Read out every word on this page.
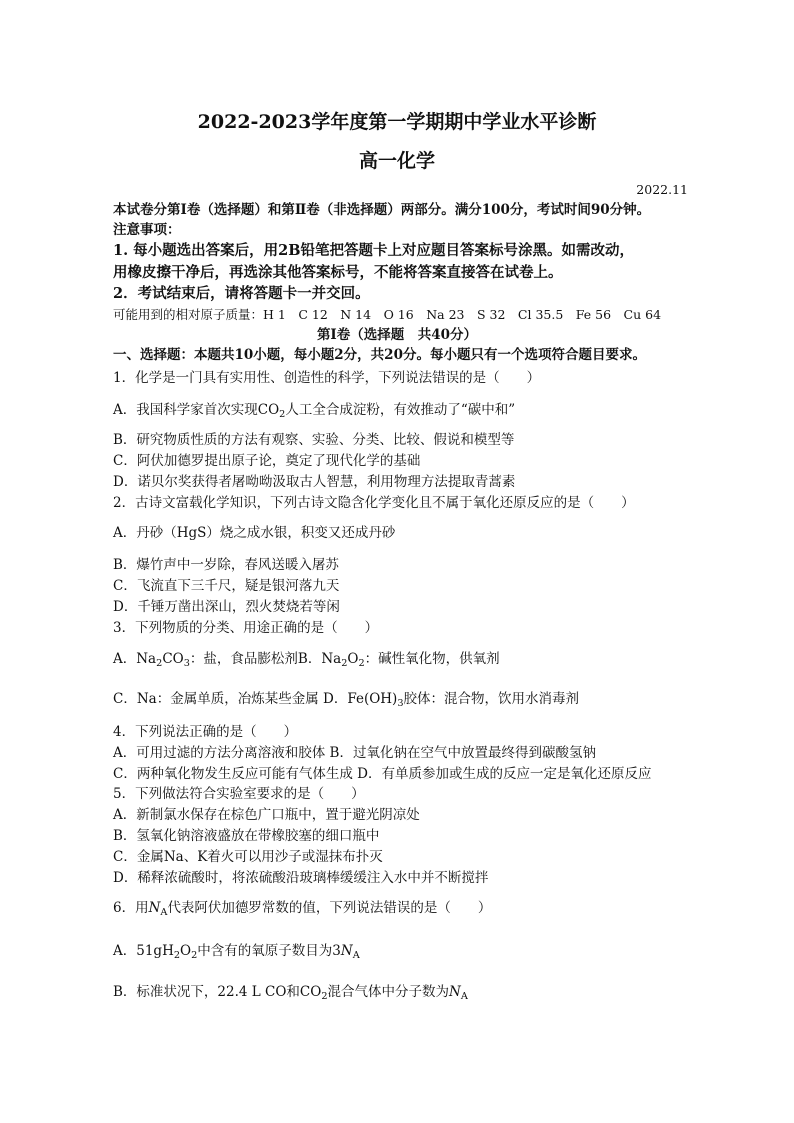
2022-2023学年度第一学期期中学业水平诊断
高一化学
2022.11
本试卷分第Ⅰ卷（选择题）和第Ⅱ卷（非选择题）两部分。满分100分，考试时间90分钟。
注意事项：
1. 每小题选出答案后，用2B铅笔把答题卡上对应题目答案标号涂黑。如需改动，
用橡皮擦干净后，再选涂其他答案标号，不能将答案直接答在试卷上。
2．考试结束后，请将答题卡一并交回。
可能用到的相对原子质量：H 1　C 12　N 14　O 16　Na 23　S 32　Cl 35.5　Fe 56　Cu 64
第Ⅰ卷（选择题　共40分）
一、选择题：本题共10小题，每小题2分，共20分。每小题只有一个选项符合题目要求。
1．化学是一门具有实用性、创造性的科学，下列说法错误的是（　　）
A．我国科学家首次实现$CO_2$人工全合成淀粉，有效推动了“碳中和”
B．研究物质性质的方法有观察、实验、分类、比较、假说和模型等
C．阿伏加德罗提出原子论，奠定了现代化学的基础
D．诺贝尔奖获得者屠呦呦汲取古人智慧，利用物理方法提取青蒿素
2．古诗文富载化学知识，下列古诗文隐含化学变化且不属于氧化还原反应的是（　　）
A．丹砂（HgS）烧之成水银，积变又还成丹砂
B．爆竹声中一岁除，春风送暖入屠苏
C．飞流直下三千尺，疑是银河落九天
D．千锤万凿出深山，烈火焚烧若等闲
3．下列物质的分类、用途正确的是（　　）
A．$Na_2CO_3$：盐，食品膨松剂B．$Na_2O_2$：碱性氧化物，供氧剂
C．Na：金属单质，冶炼某些金属 D．$Fe(OH)_3$胶体：混合物，饮用水消毒剂
4．下列说法正确的是（　　）
A．可用过滤的方法分离溶液和胶体 B．过氧化钠在空气中放置最终得到碳酸氢钠
C．两种氧化物发生反应可能有气体生成 D．有单质参加或生成的反应一定是氧化还原反应
5．下列做法符合实验室要求的是（　　）
A．新制氯水保存在棕色广口瓶中，置于避光阴凉处
B．氢氧化钠溶液盛放在带橡胶塞的细口瓶中
C．金属Na、K着火可以用沙子或湿抹布扑灭
D．稀释浓硫酸时，将浓硫酸沿玻璃棒缓缓注入水中并不断搅拌
6．用$N_A$代表阿伏加德罗常数的值，下列说法错误的是（　　）
A．$51gH_2O_2$中含有的氧原子数目为$3N_A$
B．标准状况下，22.4 L CO和$CO_2$混合气体中分子数为$N_A$
